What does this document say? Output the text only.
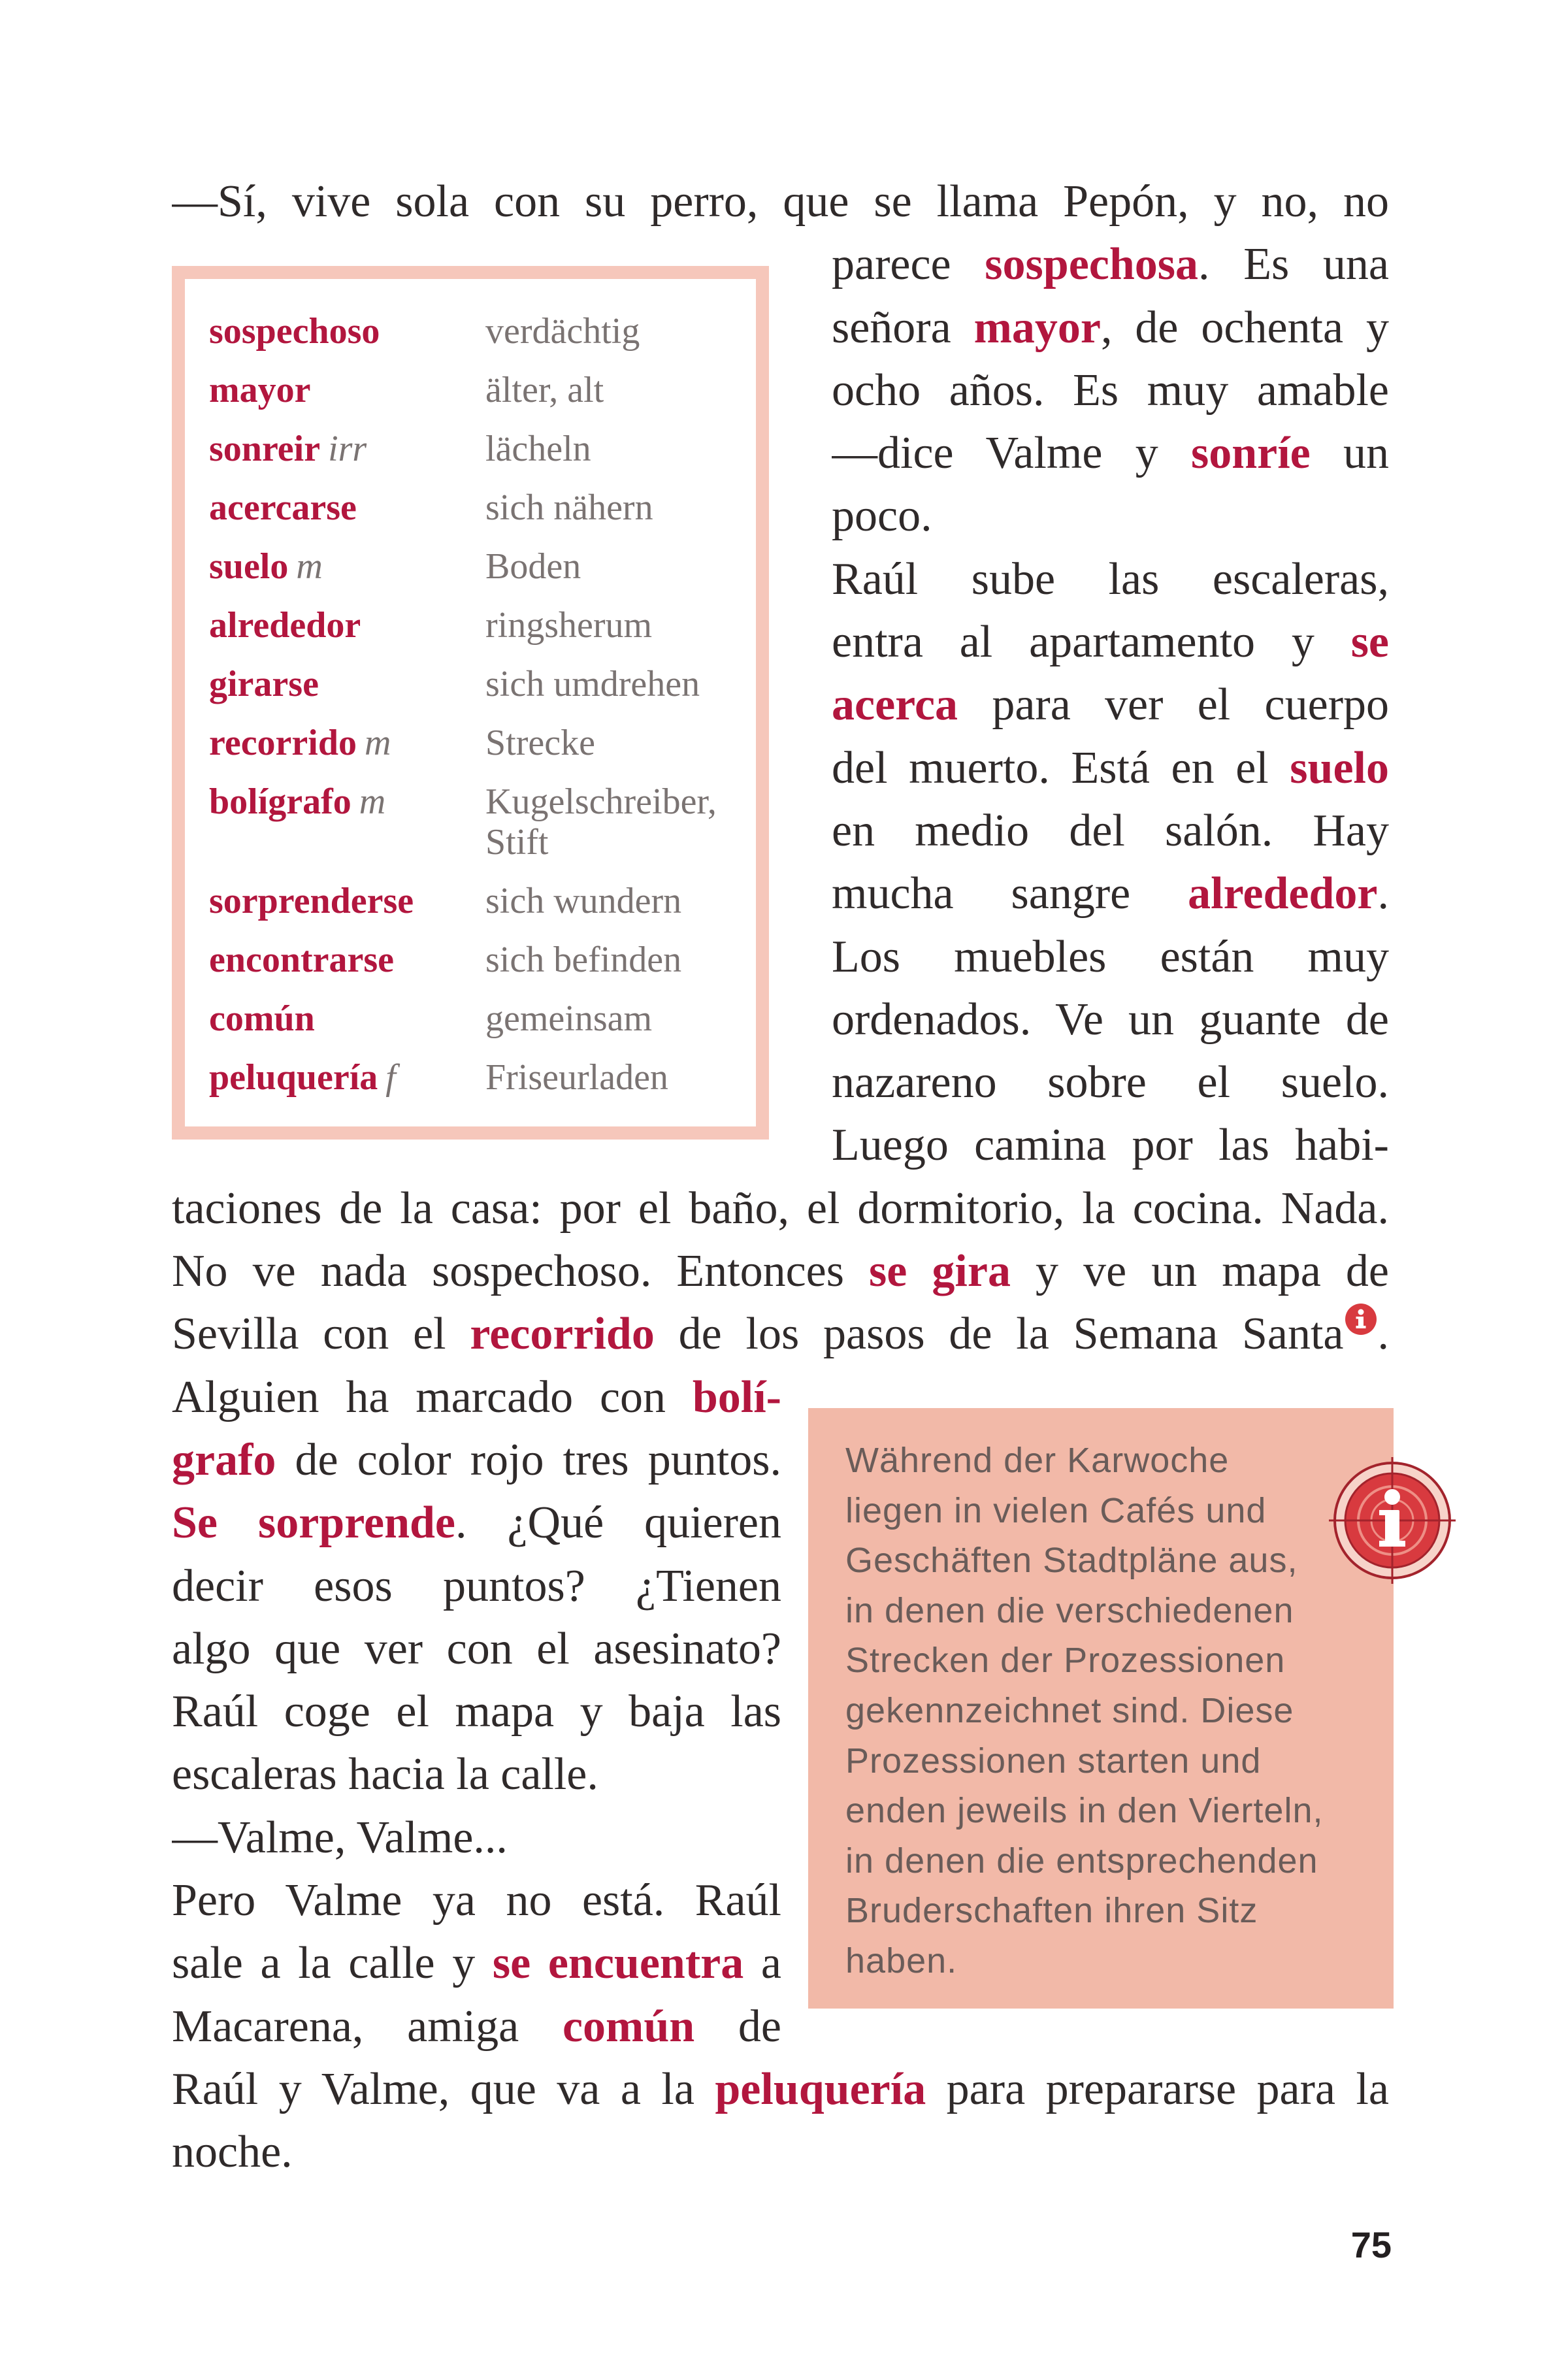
—Sí, vive sola con su perro, que se llama Pepón, y no, no
parece sospechosa. Es una
señora mayor, de ochenta y
ocho años. Es muy amable
—dice Valme y sonríe un
poco.
Raúl sube las escaleras,
entra al apartamento y se
acerca para ver el cuerpo
del muerto. Está en el suelo
en medio del salón. Hay
mucha sangre alrededor.
Los muebles están muy
ordenados. Ve un guante de
nazareno sobre el suelo.
Luego camina por las habi-
taciones de la casa: por el baño, el dormitorio, la cocina. Nada.
No ve nada sospechoso. Entonces se gira y ve un mapa de
Sevilla con el recorrido de los pasos de la Semana Santa .
Alguien ha marcado con bolí-
grafo de color rojo tres puntos.
Se sorprende. ¿Qué quieren
decir esos puntos? ¿Tienen
algo que ver con el asesinato?
Raúl coge el mapa y baja las
escaleras hacia la calle.
—Valme, Valme...
Pero Valme ya no está. Raúl
sale a la calle y se encuentra a
Macarena, amiga común de
Raúl y Valme, que va a la peluquería para prepararse para la
noche.
sospechoso	verdächtig
mayor	älter, alt
sonreir irr	lächeln
acercarse	sich nähern
suelo m	Boden
alrededor	ringsherum
girarse	sich umdrehen
recorrido m	Strecke
bolígrafo m	Kugelschreiber, Stift
sorprenderse	sich wundern
encontrarse	sich befinden
común	gemeinsam
peluquería f	Friseurladen
Während der Karwoche
liegen in vielen Cafés und
Geschäften Stadtpläne aus,
in denen die verschiedenen
Strecken der Prozessionen
gekennzeichnet sind. Diese
Prozessionen starten und
enden jeweils in den Vierteln,
in denen die entsprechenden
Bruderschaften ihren Sitz
haben.
75
